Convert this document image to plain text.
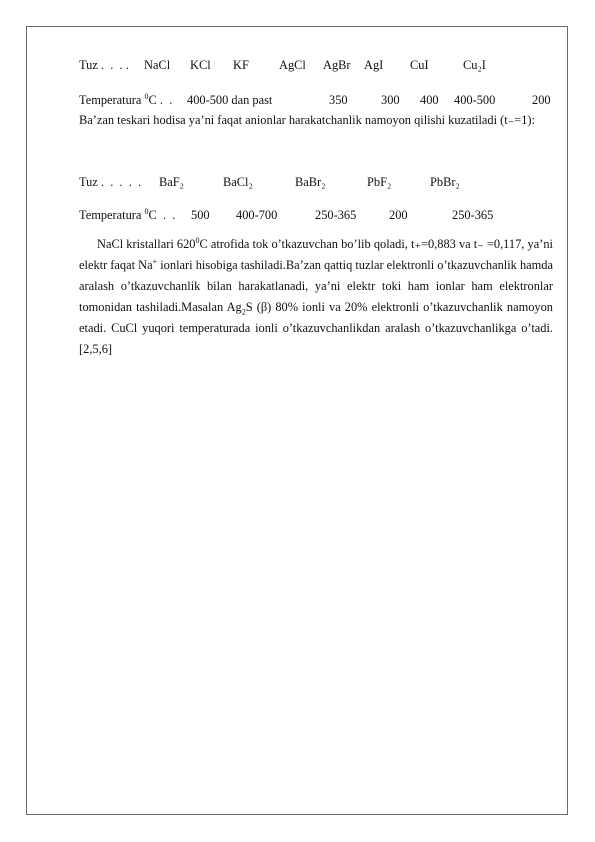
Tuz .  .  . . NaCl KCl KF AgCl AgBr AgI CuI	Cu₂I
Temperatura $^0$C .  . 400-500 dan past	350	300 400 400-500	200
Ba’zan teskari hodisa ya’ni faqat anionlar harakatchanlik namoyon qilishi kuzatiladi (t₋=1):
Tuz .  .  .  .  . BaF₂	BaCl₂	BaBr₂	PbF₂	PbBr₂
Temperatura $^0$C  .  . 500 400-700	250-365	200	250-365
NaCl kristallari $620^0C$ atrofida tok o’tkazuvchan bo’lib qoladi, t₊=0,883 va t₋ =0,117, ya’ni elektr faqat Na+ ionlari hisobiga tashiladi.Ba’zan qattiq tuzlar elektronli o’tkazuvchanlik hamda aralash o’tkazuvchanlik bilan harakatlanadi, ya’ni elektr toki ham ionlar ham elektronlar tomonidan tashiladi.Masalan $Ag_2S$ (β) 80% ionli va 20% elektronli o’tkazuvchanlik namoyon etadi. CuCl yuqori temperaturada ionli o’tkazuvchanlikdan aralash o’tkazuvchanlikga o’tadi.[2,5,6]
